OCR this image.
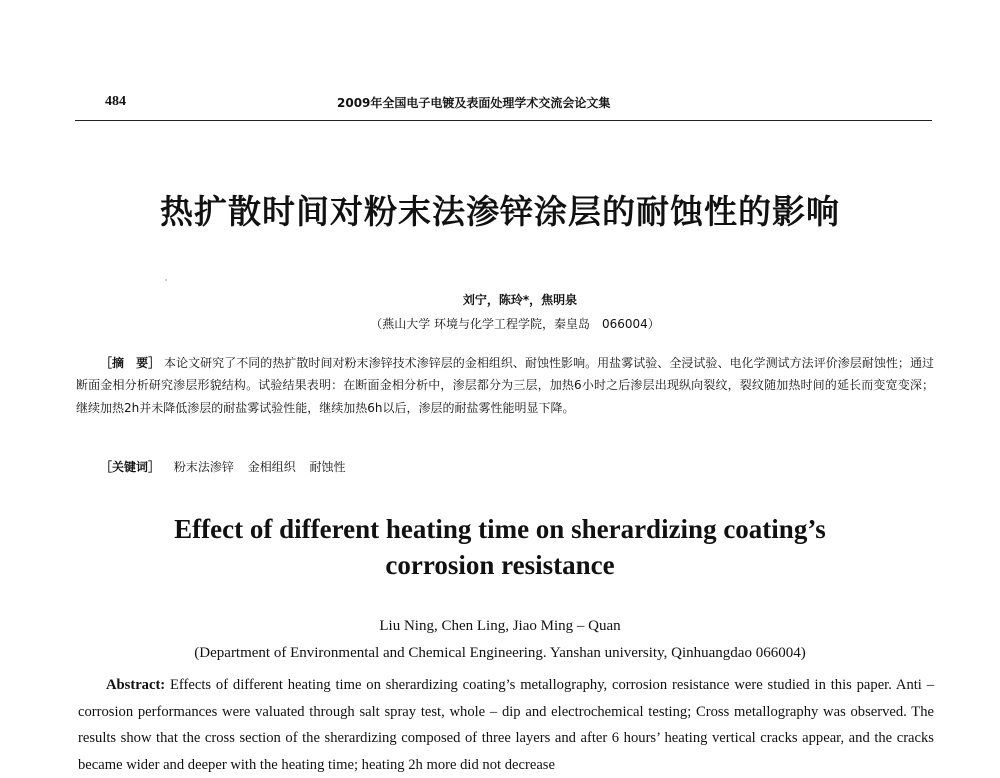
484	2009年全国电子电镀及表面处理学术交流会论文集
热扩散时间对粉末法渗锌涂层的耐蚀性的影响
刘宁，陈玲*，焦明泉
（燕山大学 环境与化学工程学院，秦皇岛　066004）
［摘　要］ 本论文研究了不同的热扩散时间对粉末渗锌技术渗锌层的金相组织、耐蚀性影响。用盐雾试验、全浸试验、电化学测试方法评价渗层耐蚀性；通过断面金相分析研究渗层形貌结构。试验结果表明：在断面金相分析中，渗层都分为三层，加热6小时之后渗层出现纵向裂纹，裂纹随加热时间的延长而变宽变深；继续加热2h并未降低渗层的耐盐雾试验性能，继续加热6h以后，渗层的耐盐雾性能明显下降。
［关键词］ 粉末法渗锌 金相组织 耐蚀性
Effect of different heating time on sherardizing coating’s
corrosion resistance
Liu Ning, Chen Ling, Jiao Ming – Quan
(Department of Environmental and Chemical Engineering. Yanshan university, Qinhuangdao 066004)
Abstract: Effects of different heating time on sherardizing coating’s metallography, corrosion resistance were studied in this paper. Anti – corrosion performances were valuated through salt spray test, whole – dip and electrochemical testing; Cross metallography was observed. The results show that the cross section of the sherardizing composed of three layers and after 6 hours’ heating vertical cracks appear, and the cracks became wider and deeper with the heating time; heating 2h more did not decrease
